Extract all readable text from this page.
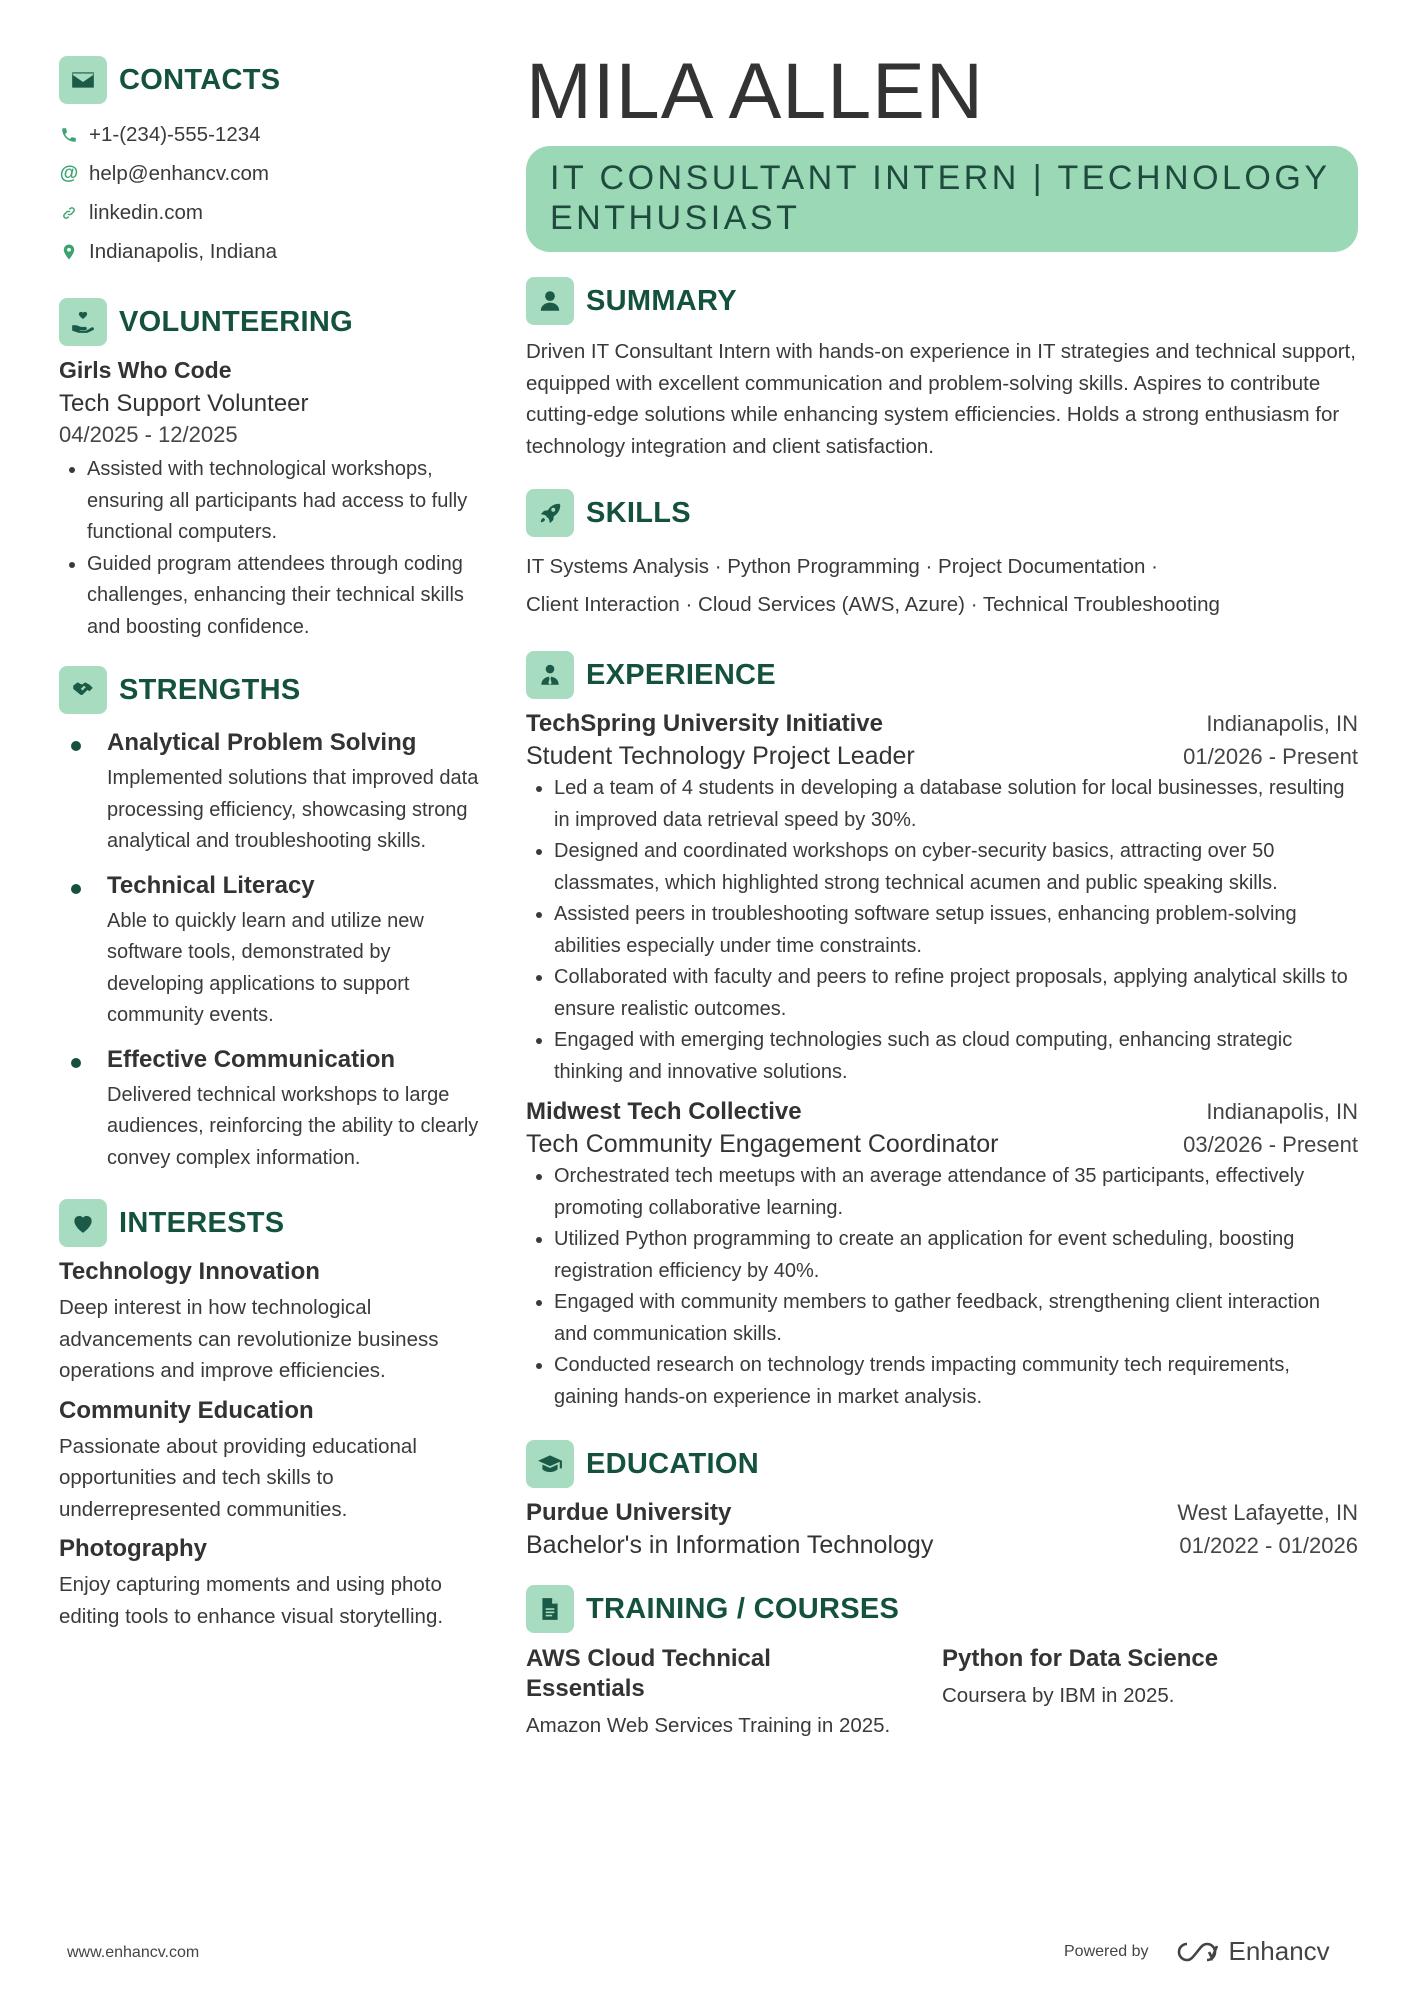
CONTACTS
+1-(234)-555-1234
@ help@enhancv.com
linkedin.com
Indianapolis, Indiana
VOLUNTEERING
Girls Who Code
Tech Support Volunteer
04/2025 - 12/2025
• Assisted with technological workshops, ensuring all participants had access to fully functional computers.
• Guided program attendees through coding challenges, enhancing their technical skills and boosting confidence.
STRENGTHS
Analytical Problem Solving
Implemented solutions that improved data processing efficiency, showcasing strong analytical and troubleshooting skills.
Technical Literacy
Able to quickly learn and utilize new software tools, demonstrated by developing applications to support community events.
Effective Communication
Delivered technical workshops to large audiences, reinforcing the ability to clearly convey complex information.
INTERESTS
Technology Innovation
Deep interest in how technological advancements can revolutionize business operations and improve efficiencies.
Community Education
Passionate about providing educational opportunities and tech skills to underrepresented communities.
Photography
Enjoy capturing moments and using photo editing tools to enhance visual storytelling.
MILA ALLEN
IT CONSULTANT INTERN | TECHNOLOGY
ENTHUSIAST
SUMMARY
Driven IT Consultant Intern with hands-on experience in IT strategies and technical support, equipped with excellent communication and problem-solving skills. Aspires to contribute cutting-edge solutions while enhancing system efficiencies. Holds a strong enthusiasm for technology integration and client satisfaction.
SKILLS
IT Systems Analysis · Python Programming · Project Documentation ·
Client Interaction · Cloud Services (AWS, Azure) · Technical Troubleshooting
EXPERIENCE
TechSpring University Initiative	Indianapolis, IN
Student Technology Project Leader	01/2026 - Present
• Led a team of 4 students in developing a database solution for local businesses, resulting in improved data retrieval speed by 30%.
• Designed and coordinated workshops on cyber-security basics, attracting over 50 classmates, which highlighted strong technical acumen and public speaking skills.
• Assisted peers in troubleshooting software setup issues, enhancing problem-solving abilities especially under time constraints.
• Collaborated with faculty and peers to refine project proposals, applying analytical skills to ensure realistic outcomes.
• Engaged with emerging technologies such as cloud computing, enhancing strategic thinking and innovative solutions.
Midwest Tech Collective	Indianapolis, IN
Tech Community Engagement Coordinator	03/2026 - Present
• Orchestrated tech meetups with an average attendance of 35 participants, effectively promoting collaborative learning.
• Utilized Python programming to create an application for event scheduling, boosting registration efficiency by 40%.
• Engaged with community members to gather feedback, strengthening client interaction and communication skills.
• Conducted research on technology trends impacting community tech requirements, gaining hands-on experience in market analysis.
EDUCATION
Purdue University	West Lafayette, IN
Bachelor's in Information Technology	01/2022 - 01/2026
TRAINING / COURSES
AWS Cloud Technical
Essentials
Amazon Web Services Training in 2025.
Python for Data Science
Coursera by IBM in 2025.
www.enhancv.com	Powered by	Enhancv
